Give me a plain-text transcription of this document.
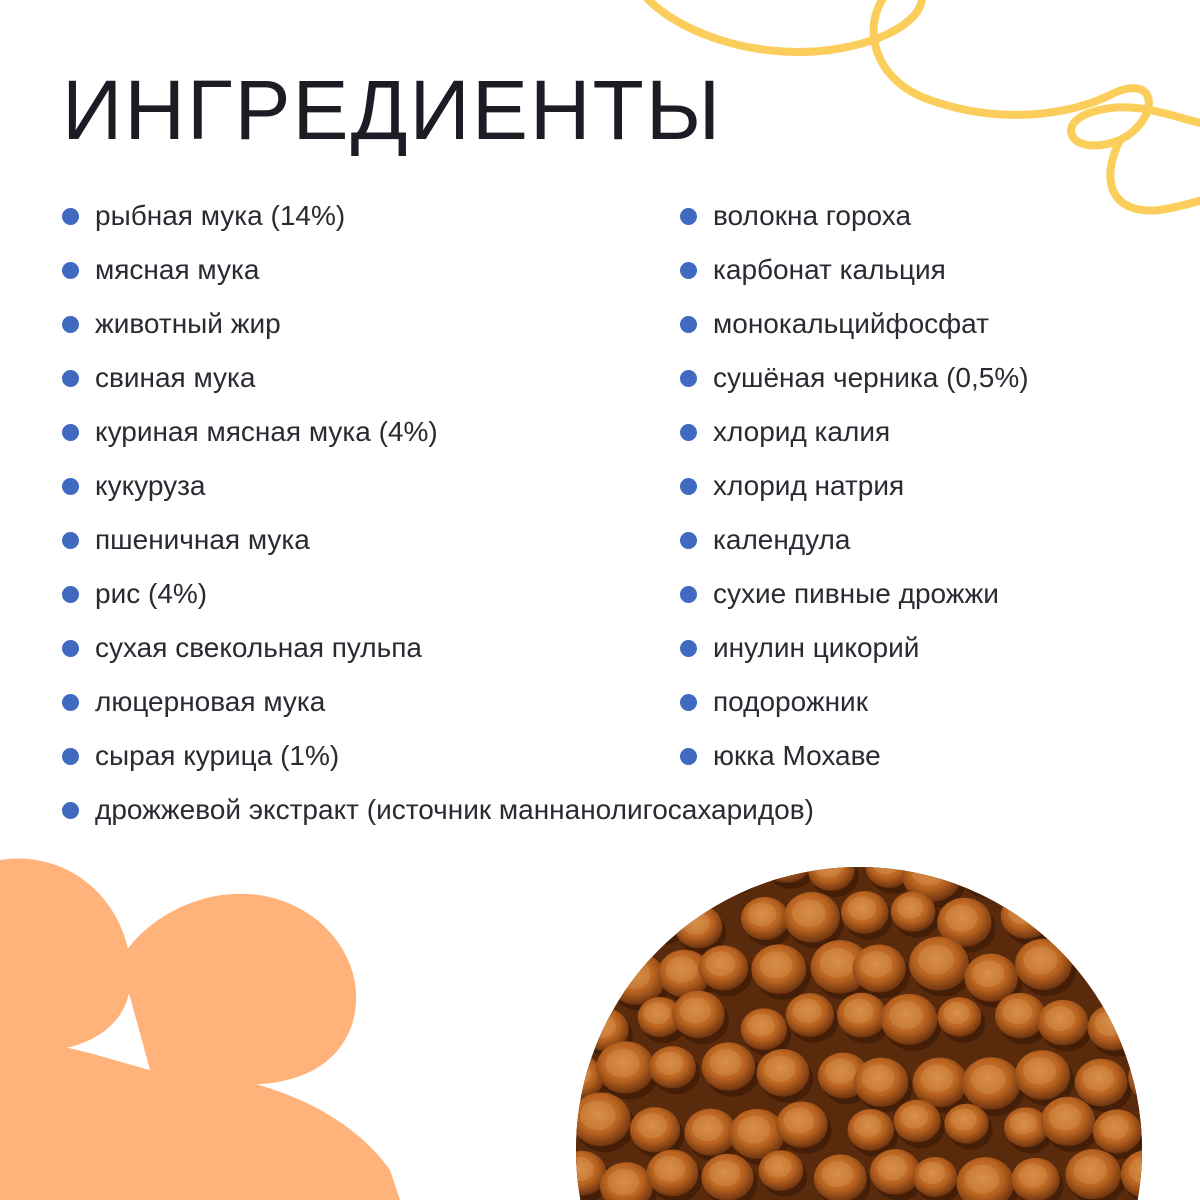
ИНГРЕДИЕНТЫ
рыбная мука (14%)
мясная мука
животный жир
свиная мука
куриная мясная мука (4%)
кукуруза
пшеничная мука
рис (4%)
сухая свекольная пульпа
люцерновая мука
сырая курица (1%)
волокна гороха
карбонат кальция
монокальцийфосфат
сушёная черника (0,5%)
хлорид калия
хлорид натрия
календула
сухие пивные дрожжи
инулин цикорий
подорожник
юкка Мохаве
дрожжевой экстракт (источник маннанолигосахаридов)
